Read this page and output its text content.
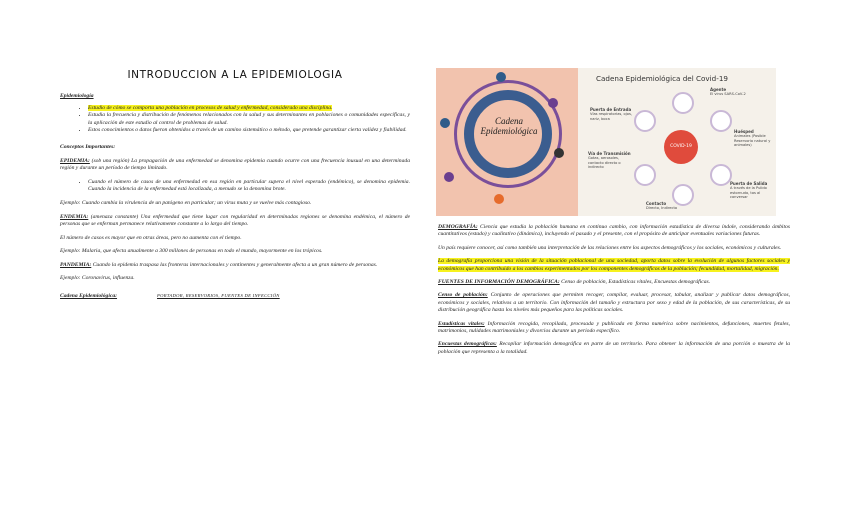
INTRODUCCION A LA EPIDEMIOLOGIA
Epidemiología
• Estudio de cómo se comporta una población en procesos de salud y enfermedad, considerado una disciplina.
• Estudia la frecuencia y distribución de fenómenos relacionados con la salud y sus determinantes en poblaciones o comunidades específicas, y la aplicación de este estudio al control de problemas de salud.
• Estos conocimientos o datos fueron obtenidos a través de un camino sistemático o método, que pretende garantizar cierta validez y fiabilidad.
Conceptos Importantes:

EPIDEMIA: (sob una región) La propagación de una enfermedad se denomina epidemia cuando ocurre con una frecuencia inusual en una determinada región y durante un período de tiempo limitado.

• Cuando el número de casos de una enfermedad en esa región en particular supera el nivel esperado (endémico), se denomina epidemia. Cuando la incidencia de la enfermedad está localizada, a menudo se la denomina brote.

Ejemplo: Cuando cambia la virulencia de un patógeno en particular; un virus muta y se vuelve más contagioso.

ENDEMIA: (amenaza constante) Una enfermedad que tiene lugar con regularidad en determinadas regiones se denomina endémica, el número de personas que se enferman permanece relativamente constante a lo largo del tiempo.

El número de casos es mayor que en otras áreas, pero no aumenta con el tiempo.

Ejemplo: Malaria, que afecta anualmente a 300 millones de personas en todo el mundo, mayormente en los trópicos.

PANDEMIA: Cuando la epidemia traspasa las fronteras internacionales y continentes y generalmente afecta a un gran número de personas.

Ejemplo: Coronavirus, influenza.

Cadena Epidemiológica:	PORTADOR, RESERVORIOS, FUENTES DE INFECCIÓN
Cadena
Epidemiológica
Cadena Epidemiológica del Covid-19
COVID-19
Agente
El virus SARS-CoV-2
Puerta de Entrada
Vías respiratorias, ojos, nariz, boca
Vía de Transmisión
Gotas, aerosoles, contacto directo o indirecto
Huésped
Animales (Posible Reservorio natural y animales)
Contacto
Directo, Indirecto
Puerta de Salida
A través de la Pulido estornudo, tos al conversar

DEMOGRAFÍA: Ciencia que estudia la población humana en continuo cambio, con información estadística de diversa índole, considerando ámbitos cuantitativos (estado) y cualitativo (dinámica), incluyendo el pasado y el presente, con el propósito de anticipar eventuales variaciones futuras.

Un país requiere conocer, así como también una interpretación de las relaciones entre los aspectos demográficos y los sociales, económicos y culturales.

La demografía proporciona una visión de la situación poblacional de una sociedad, aporta datos sobre la evolución de algunos factores sociales y económicos que han contribuido a los cambios experimentados por los componentes demográficos de la población; fecundidad, mortalidad, migración.

FUENTES DE INFORMACIÓN DEMOGRÁFICA: Censo de población, Estadísticas vitales, Encuestas demográficas.

Censo de población: Conjunto de operaciones que permiten recoger, compilar, evaluar, procesar, tabular, analizar y publicar datos demográficos, económicos y sociales, relativos a un territorio. Con información del tamaño y estructura por sexo y edad de la población, de sus características, de su distribución geográfica hasta los niveles más pequeños para las políticas sociales.

Estadísticas vitales: Información recogida, recopilada, procesada y publicada en forma numérica sobre nacimientos, defunciones, muertes fetales, matrimonios, nulidades matrimoniales y divorcios durante un periodo específico.

Encuestas demográficas: Recopilar información demográfica en parte de un territorio. Para obtener la información de una porción o muestra de la población que representa a la totalidad.
